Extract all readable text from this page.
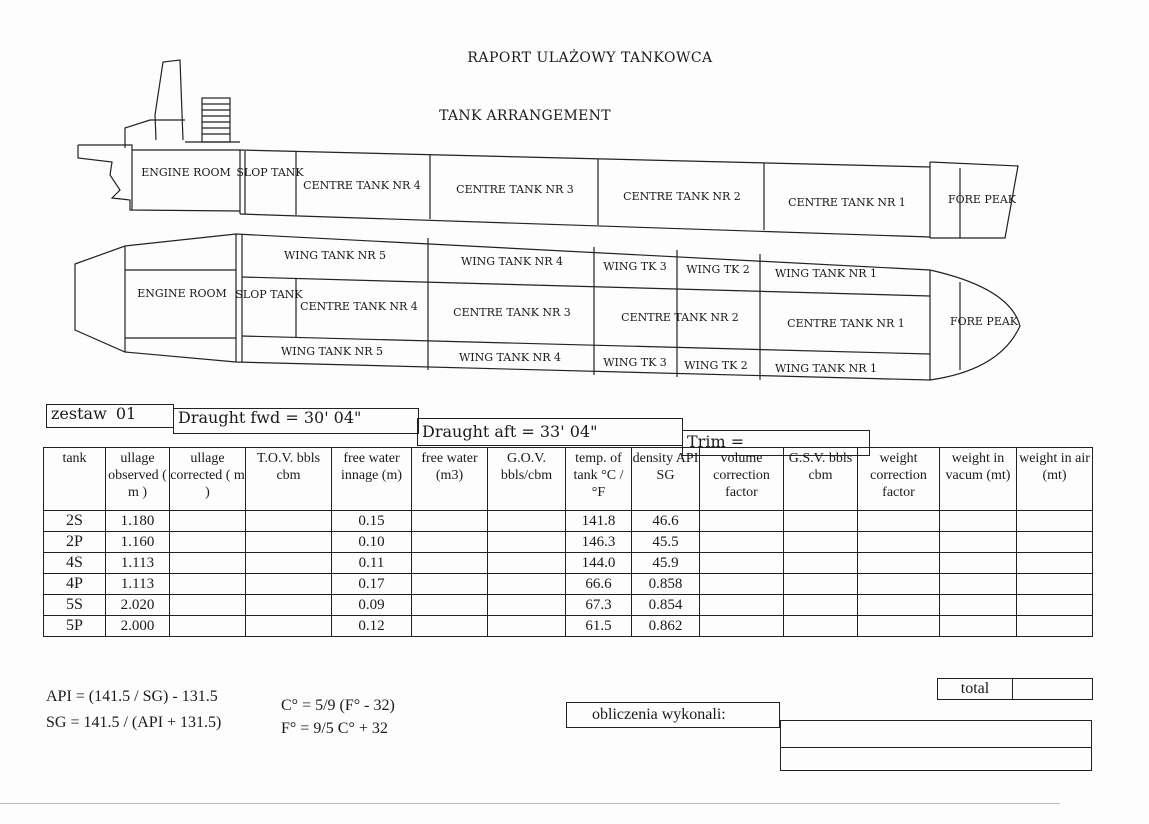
RAPORT ULAŻOWY TANKOWCA
TANK ARRANGEMENT
ENGINE ROOM SLOP TANK
CENTRE TANK NR 4	CENTRE TANK NR 3
CENTRE TANK NR 2	CENTRE TANK NR 1	FORE PEAK
ENGINE ROOM SLOP TANK
FORE PEAK
WING TANK NR 5	WING TANK NR 4	WING TK 3 WING TK 2 WING TANK NR 1
CENTRE TANK NR 4	CENTRE TANK NR 3	CENTRE TANK NR 2	CENTRE TANK NR 1
WING TANK NR 5	WING TANK NR 4	WING TK 3 WING TK 2 WING TANK NR 1
zestaw 01	Draught fwd = 30' 04"
Draught aft = 33' 04"
Trim =
tank	ullage observed ( m )	ullage corrected ( m )	T.O.V. bbls cbm	free water innage (m)	free water (m3)	G.O.V. bbls/cbm	temp. of tank °C / °F	density API SG	volume correction factor	G.S.V. bbls cbm	weight correction factor	weight in vacum (mt)	weight in air (mt)
2S	1.180			0.15			141.8	46.6					
2P	1.160			0.10			146.3	45.5					
4S	1.113			0.11			144.0	45.9					
4P	1.113			0.17			66.6	0.858					
5S	2.020			0.09			67.3	0.854					
5P	2.000			0.12			61.5	0.862					
total
API = (141.5 / SG) - 131.5
SG = 141.5 / (API + 131.5)
C° = 5/9 (F° - 32)
F° = 9/5 C° + 32
obliczenia wykonali:
